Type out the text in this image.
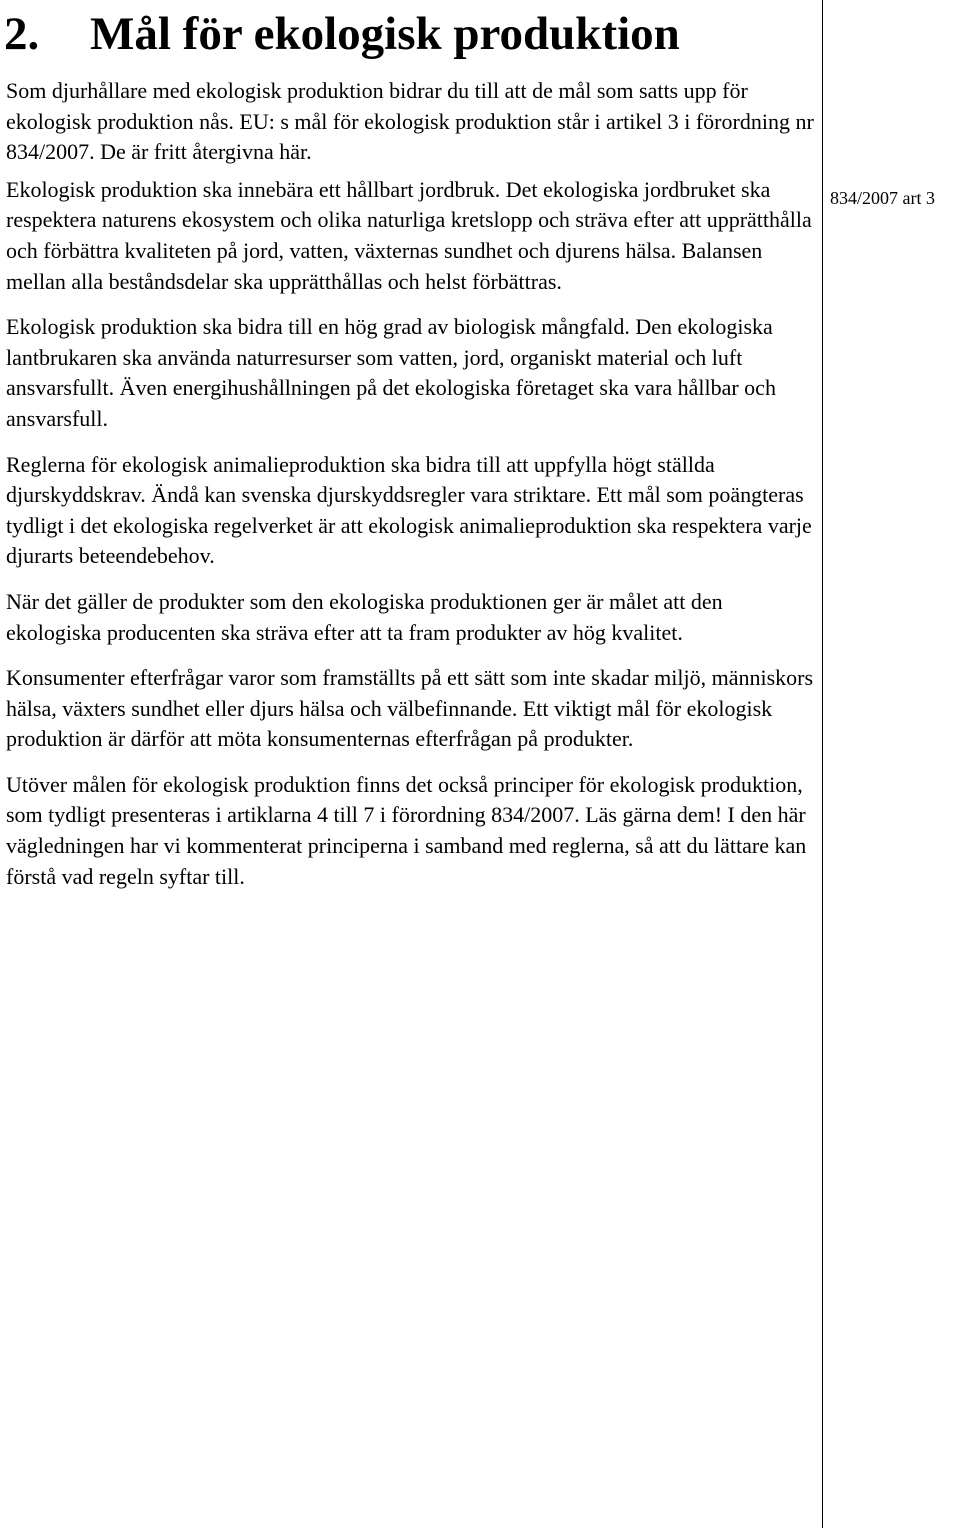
2. Mål för ekologisk produktion

Som djurhållare med ekologisk produktion bidrar du till att de mål som satts upp för ekologisk produktion nås. EU: s mål för ekologisk produktion står i artikel 3 i förordning nr 834/2007. De är fritt återgivna här.

Ekologisk produktion ska innebära ett hållbart jordbruk. Det ekologiska jordbruket ska respektera naturens ekosystem och olika naturliga kretslopp och sträva efter att upprätthålla och förbättra kvaliteten på jord, vatten, växternas sundhet och djurens hälsa. Balansen mellan alla beståndsdelar ska upprätthållas och helst förbättras.

Ekologisk produktion ska bidra till en hög grad av biologisk mångfald. Den ekologiska lantbrukaren ska använda naturresurser som vatten, jord, organiskt material och luft ansvarsfullt. Även energihushållningen på det ekologiska företaget ska vara hållbar och ansvarsfull.

Reglerna för ekologisk animalieproduktion ska bidra till att uppfylla högt ställda djurskyddskrav. Ändå kan svenska djurskyddsregler vara striktare. Ett mål som poängteras tydligt i det ekologiska regelverket är att ekologisk animalieproduktion ska respektera varje djurarts beteendebehov.

När det gäller de produkter som den ekologiska produktionen ger är målet att den ekologiska producenten ska sträva efter att ta fram produkter av hög kvalitet.

Konsumenter efterfrågar varor som framställts på ett sätt som inte skadar miljö, människors hälsa, växters sundhet eller djurs hälsa och välbefinnande. Ett viktigt mål för ekologisk produktion är därför att möta konsumenternas efterfrågan på produkter.

Utöver målen för ekologisk produktion finns det också principer för ekologisk produktion, som tydligt presenteras i artiklarna 4 till 7 i förordning 834/2007. Läs gärna dem! I den här vägledningen har vi kommenterat principerna i samband med reglerna, så att du lättare kan förstå vad regeln syftar till.

834/2007 art 3
